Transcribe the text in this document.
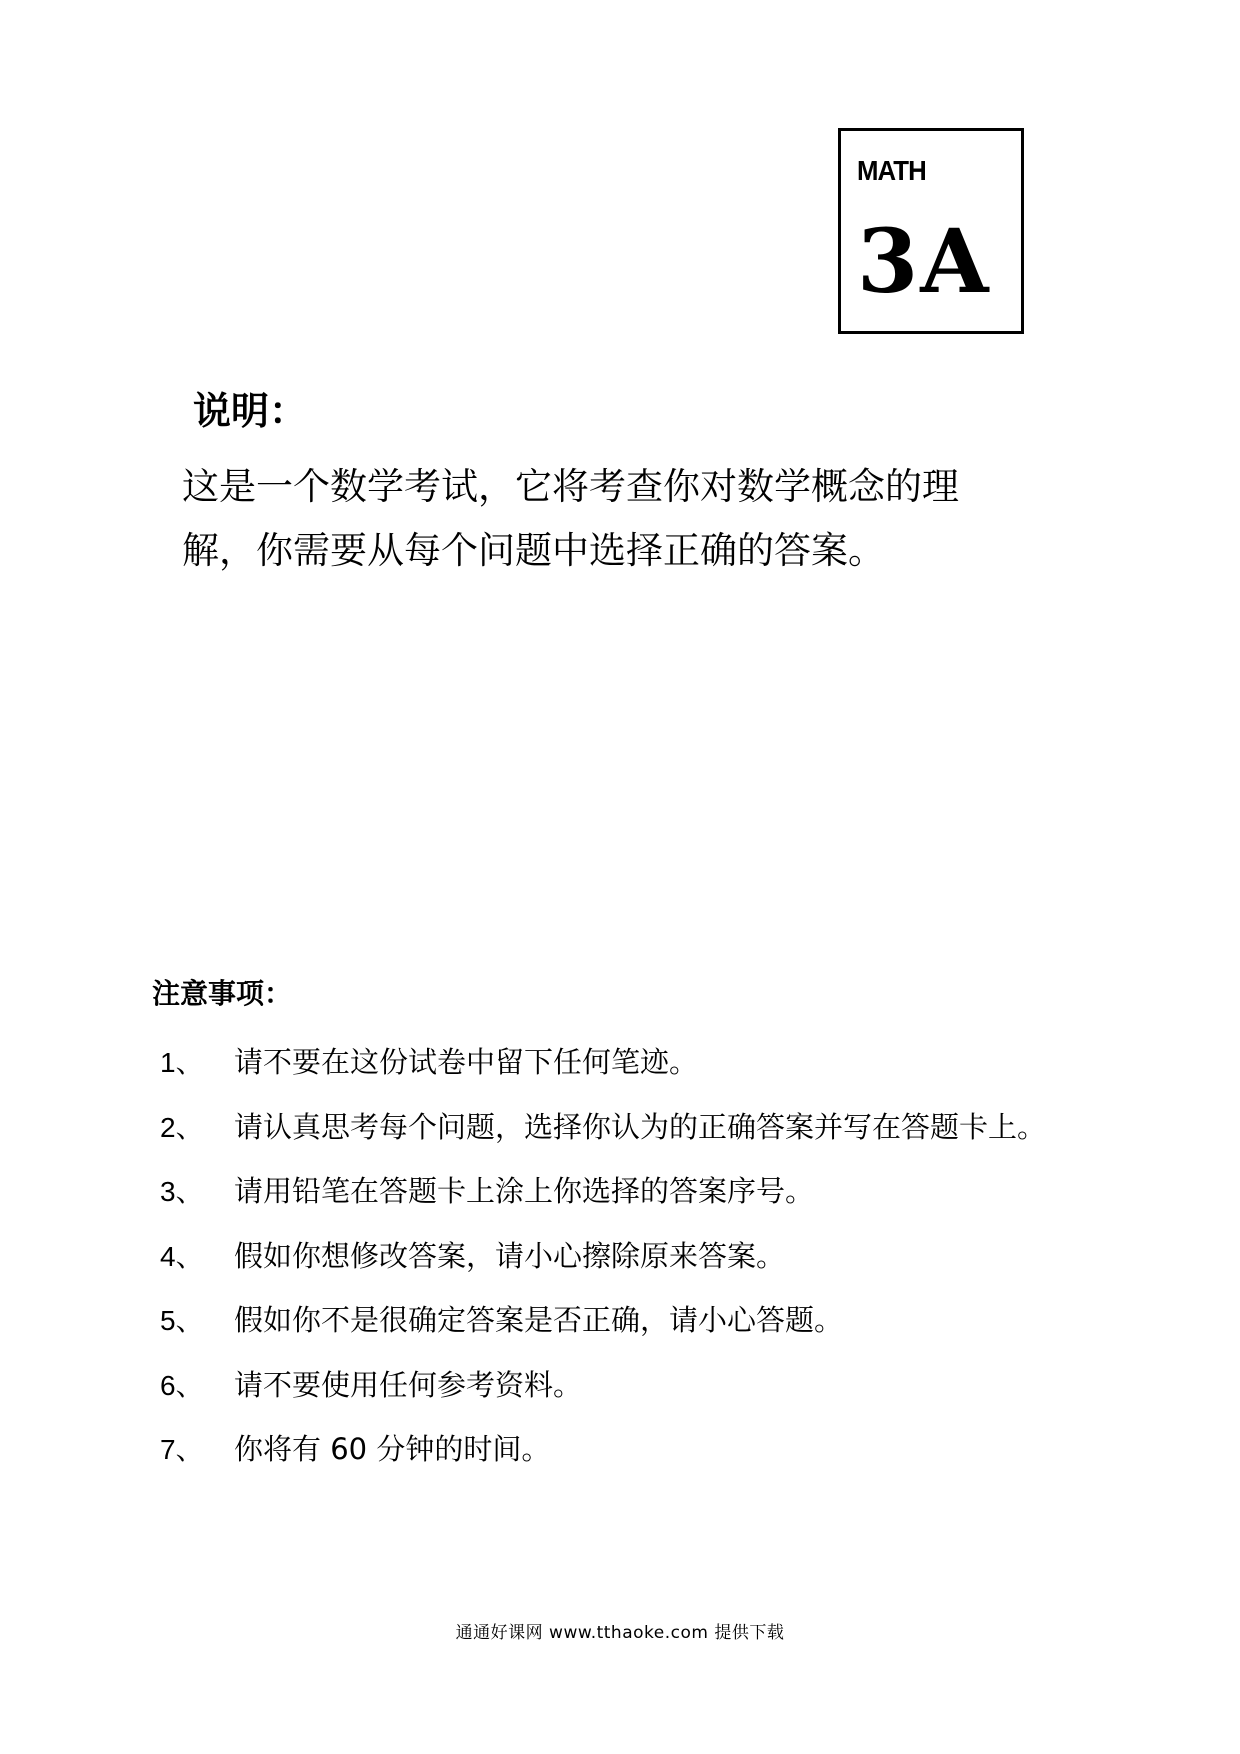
MATH
3A
说明：

这是一个数学考试，它将考查你对数学概念的理

解，你需要从每个问题中选择正确的答案。

注意事项：
1、	请不要在这份试卷中留下任何笔迹。
2、	请认真思考每个问题，选择你认为的正确答案并写在答题卡上。
3、	请用铅笔在答题卡上涂上你选择的答案序号。
4、	假如你想修改答案，请小心擦除原来答案。
5、	假如你不是很确定答案是否正确，请小心答题。
6、	请不要使用任何参考资料。
7、	你将有 60 分钟的时间。
通通好课网 www.tthaoke.com 提供下载
